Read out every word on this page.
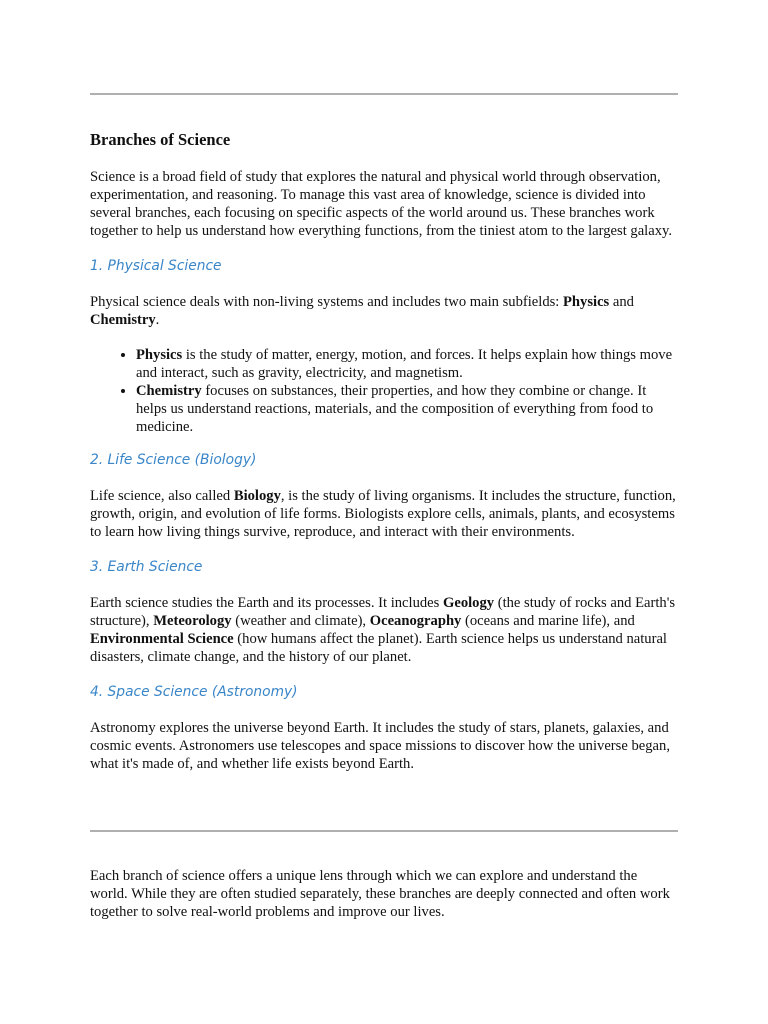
Branches of Science

Science is a broad field of study that explores the natural and physical world through observation, experimentation, and reasoning. To manage this vast area of knowledge, science is divided into several branches, each focusing on specific aspects of the world around us. These branches work together to help us understand how everything functions, from the tiniest atom to the largest galaxy.

1. Physical Science

Physical science deals with non-living systems and includes two main subfields: Physics and Chemistry.

• Physics is the study of matter, energy, motion, and forces. It helps explain how things move and interact, such as gravity, electricity, and magnetism.
• Chemistry focuses on substances, their properties, and how they combine or change. It helps us understand reactions, materials, and the composition of everything from food to medicine.
2. Life Science (Biology)

Life science, also called Biology, is the study of living organisms. It includes the structure, function, growth, origin, and evolution of life forms. Biologists explore cells, animals, plants, and ecosystems to learn how living things survive, reproduce, and interact with their environments.

3. Earth Science

Earth science studies the Earth and its processes. It includes Geology (the study of rocks and Earth's structure), Meteorology (weather and climate), Oceanography (oceans and marine life), and Environmental Science (how humans affect the planet). Earth science helps us understand natural disasters, climate change, and the history of our planet.

4. Space Science (Astronomy)

Astronomy explores the universe beyond Earth. It includes the study of stars, planets, galaxies, and cosmic events. Astronomers use telescopes and space missions to discover how the universe began, what it's made of, and whether life exists beyond Earth.

Each branch of science offers a unique lens through which we can explore and understand the world. While they are often studied separately, these branches are deeply connected and often work together to solve real-world problems and improve our lives.
